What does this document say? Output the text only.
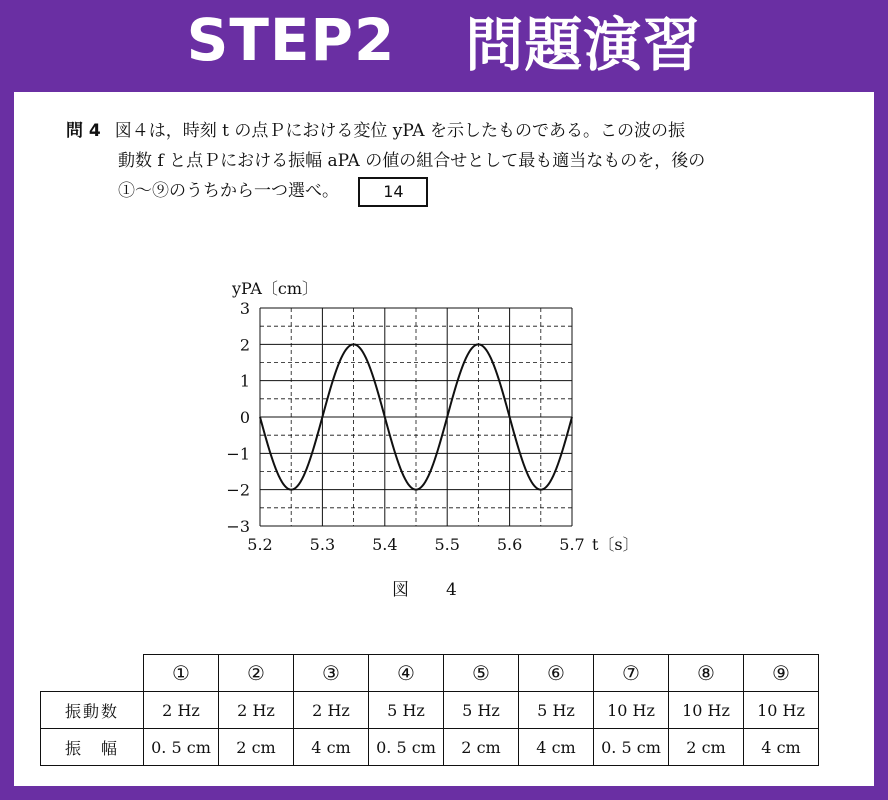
STEP2 問題演習
問 4 図４は，時刻 t の点Ｐにおける変位 yPA を示したものである。この波の振
動数 f と点Ｐにおける振幅 aPA の値の組合せとして最も適当なものを，後の
①～⑨のうちから一つ選べ。	14
3
2
1
0
−1
−2
−3
5.2 5.3 5.4 5.5 5.6 5.7
yPA〔cm〕
t〔s〕
図　4
	①	②	③	④	⑤	⑥	⑦	⑧	⑨
振動数	2 Hz	2 Hz	2 Hz	5 Hz	5 Hz	5 Hz	10 Hz	10 Hz	10 Hz
振　幅	0. 5 cm	2 cm	4 cm	0. 5 cm	2 cm	4 cm	0. 5 cm	2 cm	4 cm
